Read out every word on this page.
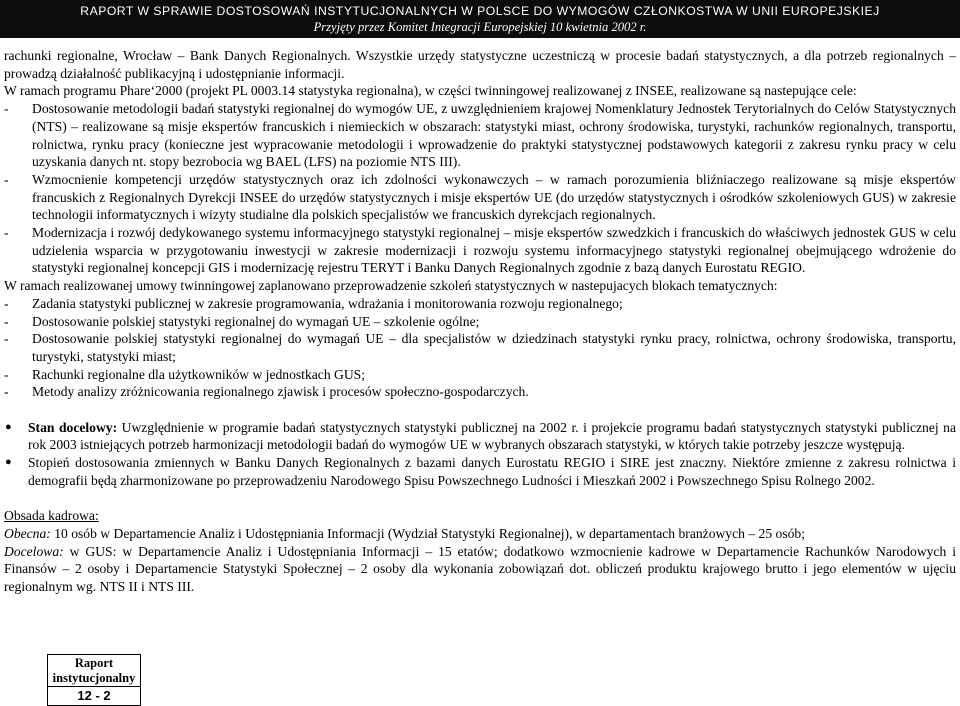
RAPORT W SPRAWIE DOSTOSOWAŃ INSTYTUCJONALNYCH W POLSCE DO WYMOGÓW CZŁONKOSTWA W UNII EUROPEJSKIEJ
Przyjęty przez Komitet Integracji Europejskiej 10 kwietnia 2002 r.

rachunki regionalne, Wrocław – Bank Danych Regionalnych. Wszystkie urzędy statystyczne uczestniczą w procesie badań statystycznych, a dla potrzeb regionalnych – prowadzą działalność publikacyjną i udostępnianie informacji.

W ramach programu Phare‘2000 (projekt PL 0003.14 statystyka regionalna), w części twinningowej realizowanej z INSEE, realizowane są nastepujące cele:

-	Dostosowanie metodologii badań statystyki regionalnej do wymogów UE, z uwzględnieniem krajowej Nomenklatury Jednostek Terytorialnych do Celów Statystycznych (NTS) – realizowane są misje ekspertów francuskich i niemieckich w obszarach: statystyki miast, ochrony środowiska, turystyki, rachunków regionalnych, transportu, rolnictwa, rynku pracy (konieczne jest wypracowanie metodologii i wprowadzenie do praktyki statystycznej podstawowych kategorii z zakresu rynku pracy w celu uzyskania danych nt. stopy bezrobocia wg BAEL (LFS) na poziomie NTS III).
-	Wzmocnienie kompetencji urzędów statystycznych oraz ich zdolności wykonawczych – w ramach porozumienia bliźniaczego realizowane są misje ekspertów francuskich z Regionalnych Dyrekcji INSEE do urzędów statystycznych i misje ekspertów UE (do urzędów statystycznych i ośrodków szkoleniowych GUS) w zakresie technologii informatycznych i wizyty studialne dla polskich specjalistów we francuskich dyrekcjach regionalnych.
-	Modernizacja i rozwój dedykowanego systemu informacyjnego statystyki regionalnej – misje ekspertów szwedzkich i francuskich do właściwych jednostek GUS w celu udzielenia wsparcia w przygotowaniu inwestycji w zakresie modernizacji i rozwoju systemu informacyjnego statystyki regionalnej obejmującego wdrożenie do statystyki regionalnej koncepcji GIS i modernizację rejestru TERYT i Banku Danych Regionalnych zgodnie z bazą danych Eurostatu REGIO.

W ramach realizowanej umowy twinningowej zaplanowano przeprowadzenie szkoleń statystycznych w nastepujacych blokach tematycznych:

-	Zadania statystyki publicznej w zakresie programowania, wdrażania i monitorowania rozwoju regionalnego;
-	Dostosowanie polskiej statystyki regionalnej do wymagań UE – szkolenie ogólne;
-	Dostosowanie polskiej statystyki regionalnej do wymagań UE – dla specjalistów w dziedzinach statystyki rynku pracy, rolnictwa, ochrony środowiska, transportu, turystyki, statystyki miast;
-	Rachunki regionalne dla użytkowników w jednostkach GUS;
-	Metody analizy zróżnicowania regionalnego zjawisk i procesów społeczno-gospodarczych.
●	Stan docelowy: Uwzględnienie w programie badań statystycznych statystyki publicznej na 2002 r. i projekcie programu badań statystycznych statystyki publicznej na rok 2003 istniejących potrzeb harmonizacji metodologii badań do wymogów UE w wybranych obszarach statystyki, w których takie potrzeby jeszcze występują.
●	Stopień dostosowania zmiennych w Banku Danych Regionalnych z bazami danych Eurostatu REGIO i SIRE jest znaczny. Niektóre zmienne z zakresu rolnictwa i demografii będą zharmonizowane po przeprowadzeniu Narodowego Spisu Powszechnego Ludności i Mieszkań 2002 i Powszechnego Spisu Rolnego 2002.

Obsada kadrowa:

Obecna: 10 osób w Departamencie Analiz i Udostępniania Informacji (Wydział Statystyki Regionalnej), w departamentach branżowych – 25 osób;

Docelowa: w GUS: w Departamencie Analiz i Udostępniania Informacji – 15 etatów; dodatkowo wzmocnienie kadrowe w Departamencie Rachunków Narodowych i Finansów – 2 osoby i Departamencie Statystyki Społecznej – 2 osoby dla wykonania zobowiązań dot. obliczeń produktu krajowego brutto i jego elementów w ujęciu regionalnym wg. NTS II i NTS III.

Raport
instytucjonalny
12 - 2
